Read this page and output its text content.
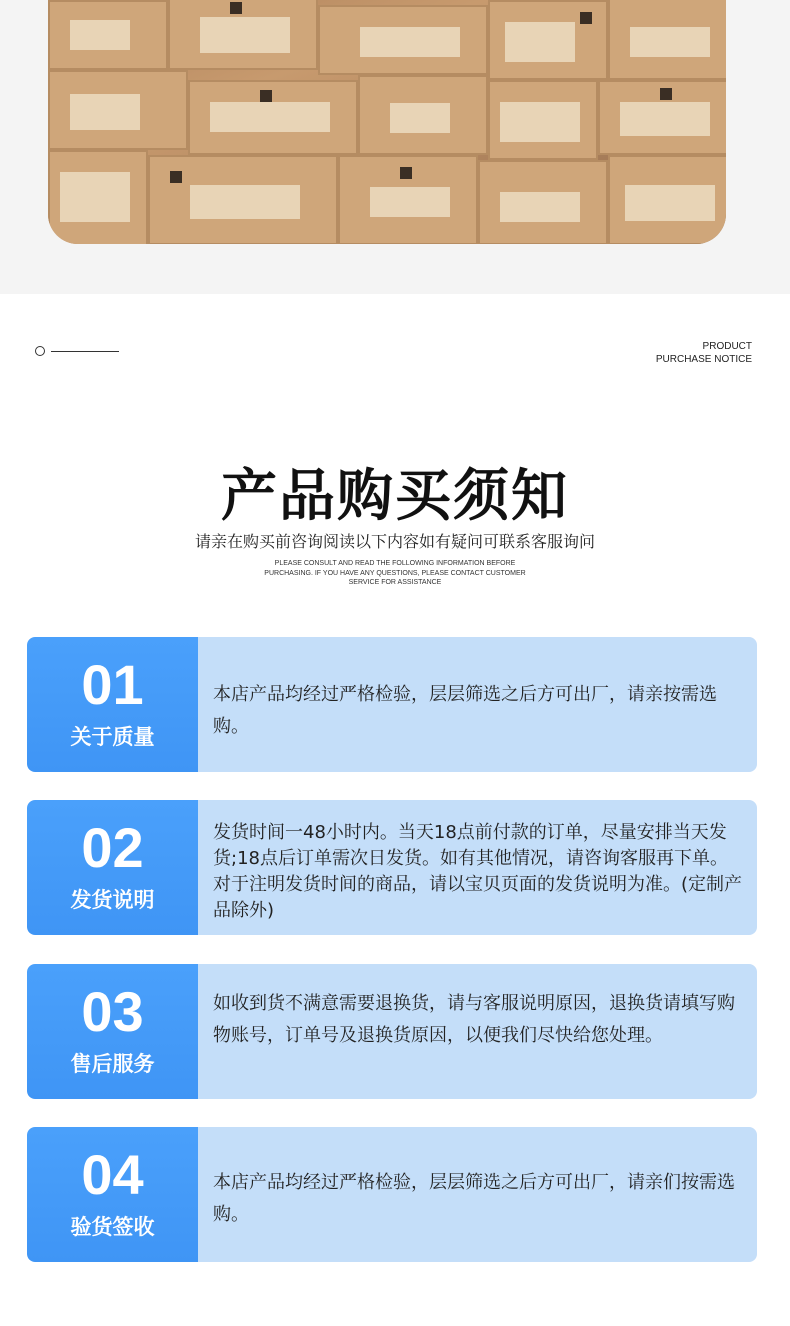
PRODUCT
PURCHASE NOTICE
产品购买须知
请亲在购买前咨询阅读以下内容如有疑问可联系客服询问
PLEASE CONSULT AND READ THE FOLLOWING INFORMATION BEFORE
PURCHASING. IF YOU HAVE ANY QUESTIONS, PLEASE CONTACT CUSTOMER
SERVICE FOR ASSISTANCE
01
关于质量
本店产品均经过严格检验，层层筛选之后方可出厂，请亲按需选购。
02
发货说明
发货时间一48小时内。当天18点前付款的订单，尽量安排当天发货;18点后订单需次日发货。如有其他情况，请咨询客服再下单。对于注明发货时间的商品，请以宝贝页面的发货说明为准。(定制产品除外)
03
售后服务
如收到货不满意需要退换货，请与客服说明原因，退换货请填写购物账号，订单号及退换货原因，以便我们尽快给您处理。
04
验货签收
本店产品均经过严格检验，层层筛选之后方可出厂，请亲们按需选购。
